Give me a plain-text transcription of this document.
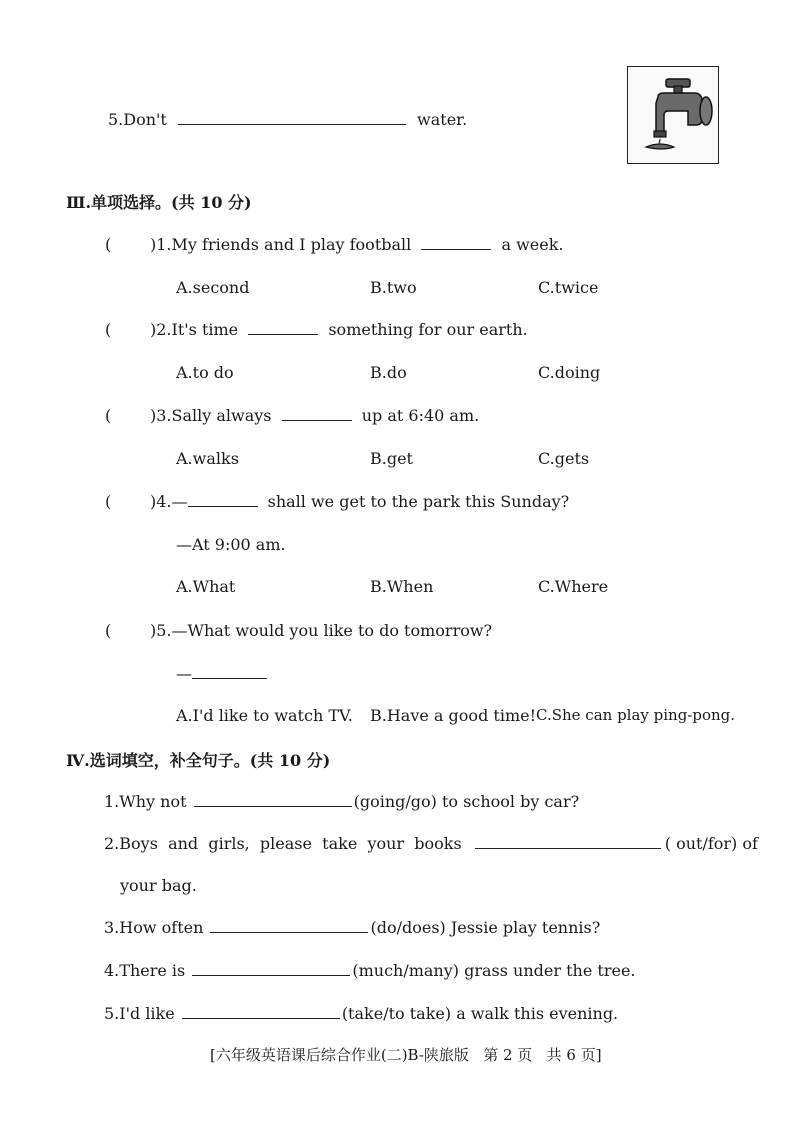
5.Don't	water.
Ⅲ.单项选择。(共 10 分)
( )1.My friends and I play football	a week.
A.second	B.two	C.twice
( )2.It's time	something for our earth.
A.to do	B.do	C.doing
( )3.Sally always	up at 6:40 am.
A.walks	B.get	C.gets
( )4.—	shall we get to the park this Sunday?
—At 9:00 am.
A.What	B.When	C.Where
( )5.—What would you like to do tomorrow?
—
A.I'd like to watch TV. B.Have a good time! C.She can play ping-pong.
Ⅳ.选词填空，补全句子。(共 10 分)
1.Why not	(going/go) to school by car?
2.Boys  and  girls,  please  take  your  books	( out/for) of
your bag.
3.How often	(do/does) Jessie play tennis?
4.There is	(much/many) grass under the tree.
5.I'd like	(take/to take) a walk this evening.
[六年级英语课后综合作业(二)B-陕旅版   第 2 页   共 6 页]
